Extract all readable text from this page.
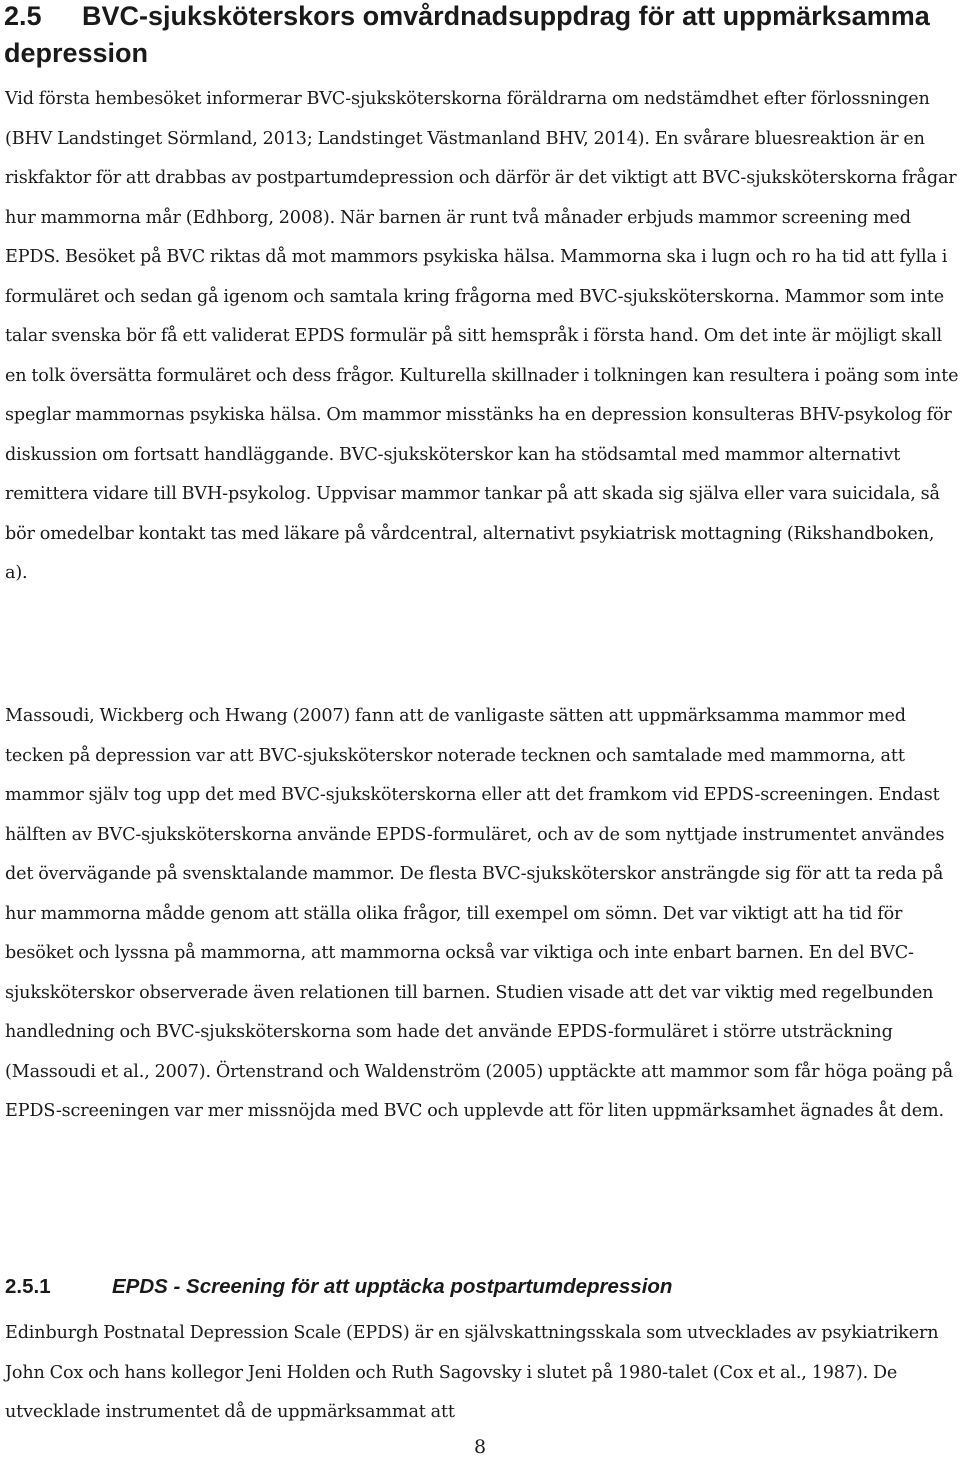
2.5 BVC-sjuksköterskors omvårdnadsuppdrag för att uppmärksamma depression

Vid första hembesöket informerar BVC-sjuksköterskorna föräldrarna om nedstämdhet efter förlossningen (BHV Landstinget Sörmland, 2013; Landstinget Västmanland BHV, 2014). En svårare bluesreaktion är en riskfaktor för att drabbas av postpartumdepression och därför är det viktigt att BVC-sjuksköterskorna frågar hur mammorna mår (Edhborg, 2008). När barnen är runt två månader erbjuds mammor screening med EPDS. Besöket på BVC riktas då mot mammors psykiska hälsa. Mammorna ska i lugn och ro ha tid att fylla i formuläret och sedan gå igenom och samtala kring frågorna med BVC-sjuksköterskorna. Mammor som inte talar svenska bör få ett validerat EPDS formulär på sitt hemspråk i första hand. Om det inte är möjligt skall en tolk översätta formuläret och dess frågor. Kulturella skillnader i tolkningen kan resultera i poäng som inte speglar mammornas psykiska hälsa. Om mammor misstänks ha en depression konsulteras BHV-psykolog för diskussion om fortsatt handläggande. BVC-sjuksköterskor kan ha stödsamtal med mammor alternativt remittera vidare till BVH-psykolog. Uppvisar mammor tankar på att skada sig själva eller vara suicidala, så bör omedelbar kontakt tas med läkare på vårdcentral, alternativt psykiatrisk mottagning (Rikshandboken, a).

Massoudi, Wickberg och Hwang (2007) fann att de vanligaste sätten att uppmärksamma mammor med tecken på depression var att BVC-sjuksköterskor noterade tecknen och samtalade med mammorna, att mammor själv tog upp det med BVC-sjuksköterskorna eller att det framkom vid EPDS-screeningen. Endast hälften av BVC-sjuksköterskorna använde EPDS-formuläret, och av de som nyttjade instrumentet användes det övervägande på svensktalande mammor. De flesta BVC-sjuksköterskor ansträngde sig för att ta reda på hur mammorna mådde genom att ställa olika frågor, till exempel om sömn. Det var viktigt att ha tid för besöket och lyssna på mammorna, att mammorna också var viktiga och inte enbart barnen. En del BVC-sjuksköterskor observerade även relationen till barnen. Studien visade att det var viktig med regelbunden handledning och BVC-sjuksköterskorna som hade det använde EPDS-formuläret i större utsträckning (Massoudi et al., 2007). Örtenstrand och Waldenström (2005) upptäckte att mammor som får höga poäng på EPDS-screeningen var mer missnöjda med BVC och upplevde att för liten uppmärksamhet ägnades åt dem.

2.5.1	EPDS - Screening för att upptäcka postpartumdepression

Edinburgh Postnatal Depression Scale (EPDS) är en självskattningsskala som utvecklades av psykiatrikern John Cox och hans kollegor Jeni Holden och Ruth Sagovsky i slutet på 1980-talet (Cox et al., 1987). De utvecklade instrumentet då de uppmärksammat att

8
